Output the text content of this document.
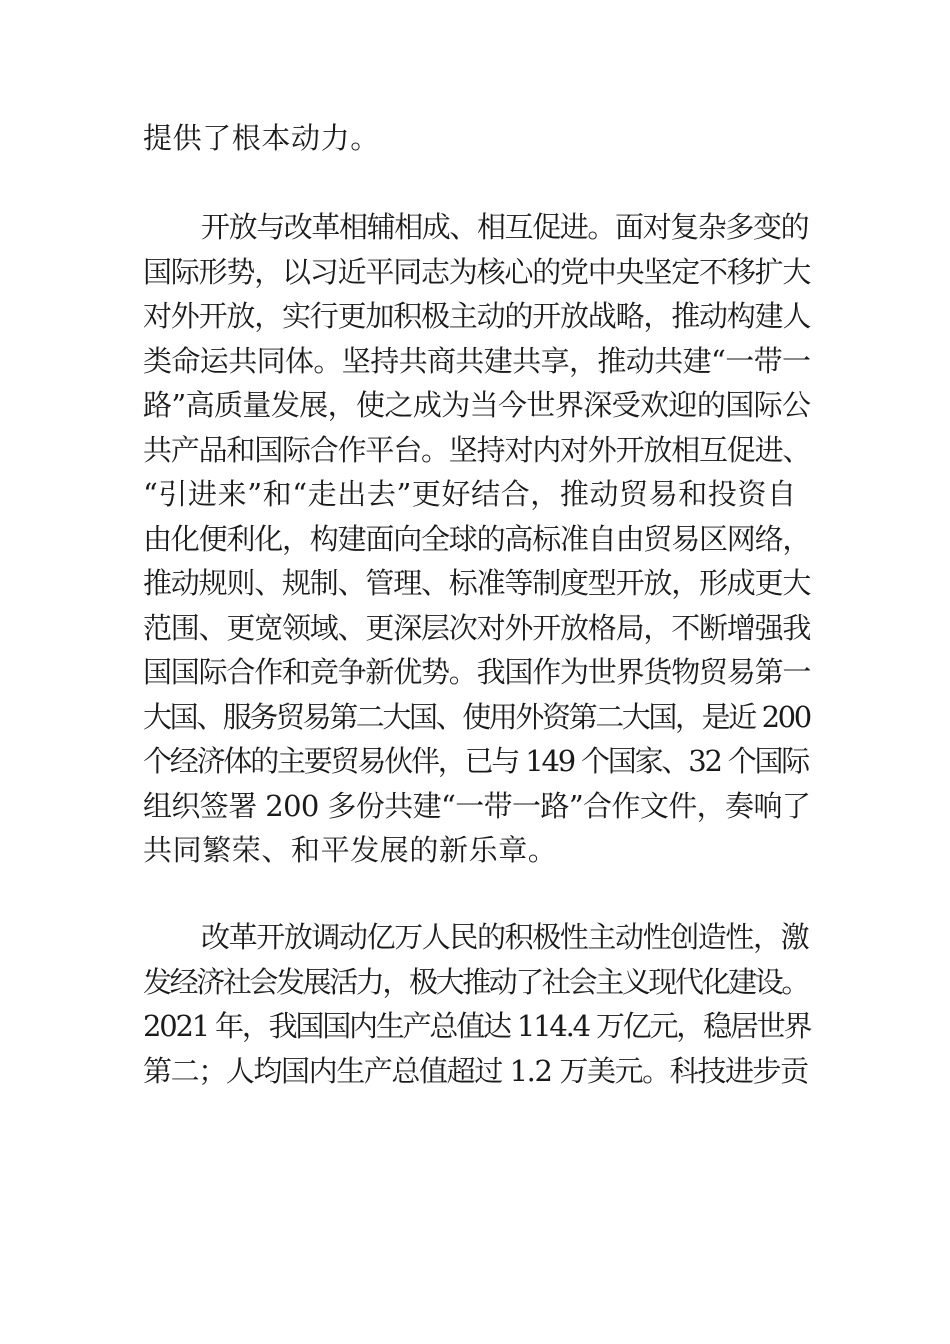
提供了根本动力。
开放与改革相辅相成、相互促进。面对复杂多变的
国际形势，以习近平同志为核心的党中央坚定不移扩大
对外开放，实行更加积极主动的开放战略，推动构建人
类命运共同体。坚持共商共建共享，推动共建“一带一
路”高质量发展，使之成为当今世界深受欢迎的国际公
共产品和国际合作平台。坚持对内对外开放相互促进、
“引进来”和“走出去”更好结合，推动贸易和投资自
由化便利化，构建面向全球的高标准自由贸易区网络，
推动规则、规制、管理、标准等制度型开放，形成更大
范围、更宽领域、更深层次对外开放格局，不断增强我
国国际合作和竞争新优势。我国作为世界货物贸易第一
大国、服务贸易第二大国、使用外资第二大国，是近 200
个经济体的主要贸易伙伴，已与 149 个国家、32 个国际
组织签署 200 多份共建“一带一路”合作文件，奏响了
共同繁荣、和平发展的新乐章。
改革开放调动亿万人民的积极性主动性创造性，激
发经济社会发展活力，极大推动了社会主义现代化建设。
2021 年，我国国内生产总值达 114.4 万亿元，稳居世界
第二；人均国内生产总值超过 1.2 万美元。科技进步贡
